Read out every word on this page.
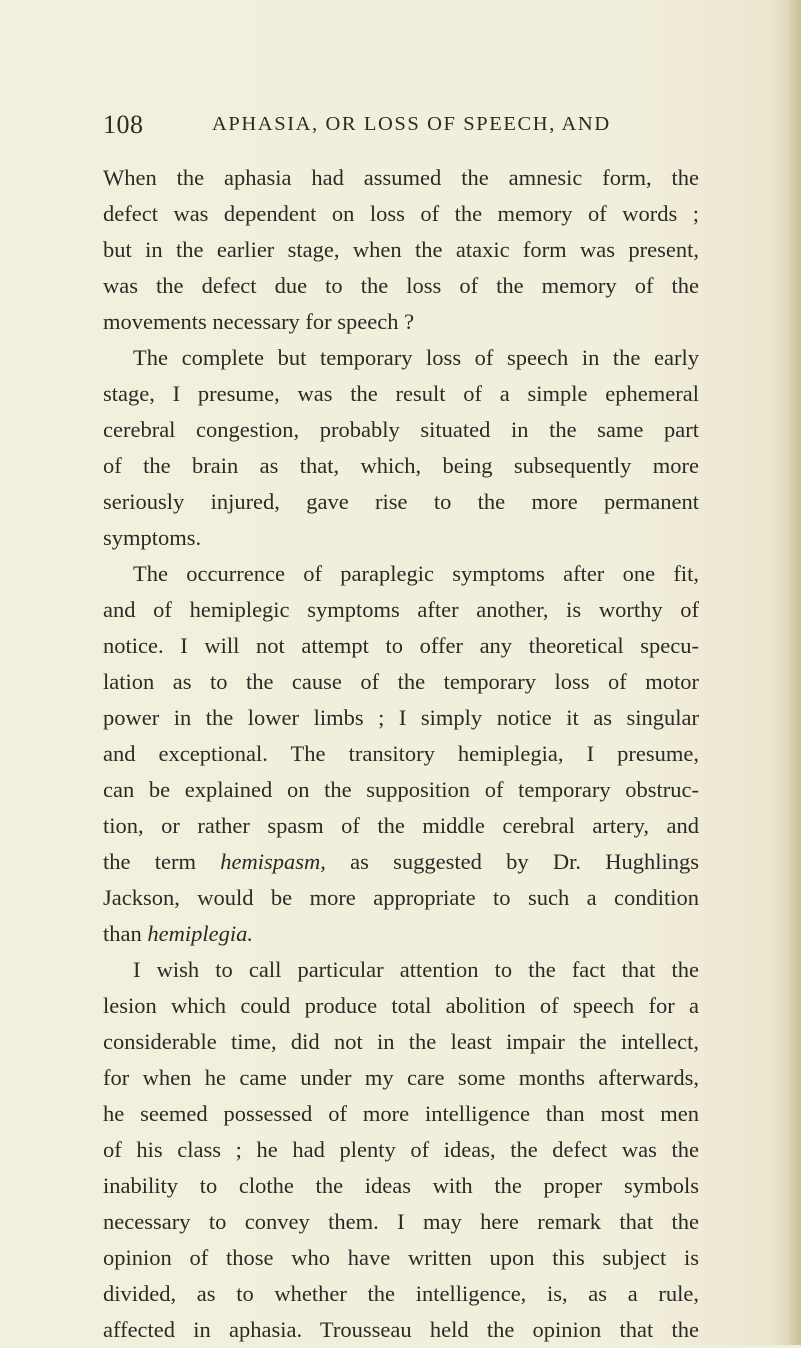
108	APHASIA, OR LOSS OF SPEECH, AND
When the aphasia had assumed the amnesic form, the
defect was dependent on loss of the memory of words ;
but in the earlier stage, when the ataxic form was present,
was the defect due to the loss of the memory of the
movements necessary for speech ?
The complete but temporary loss of speech in the early
stage, I presume, was the result of a simple ephemeral
cerebral congestion, probably situated in the same part
of the brain as that, which, being subsequently more
seriously injured, gave rise to the more permanent
symptoms.
The occurrence of paraplegic symptoms after one fit,
and of hemiplegic symptoms after another, is worthy of
notice. I will not attempt to offer any theoretical specu-
lation as to the cause of the temporary loss of motor
power in the lower limbs ; I simply notice it as singular
and exceptional. The transitory hemiplegia, I presume,
can be explained on the supposition of temporary obstruc-
tion, or rather spasm of the middle cerebral artery, and
the term hemispasm, as suggested by Dr. Hughlings
Jackson, would be more appropriate to such a condition
than hemiplegia.
I wish to call particular attention to the fact that the
lesion which could produce total abolition of speech for a
considerable time, did not in the least impair the intellect,
for when he came under my care some months afterwards,
he seemed possessed of more intelligence than most men
of his class ; he had plenty of ideas, the defect was the
inability to clothe the ideas with the proper symbols
necessary to convey them. I may here remark that the
opinion of those who have written upon this subject is
divided, as to whether the intelligence, is, as a rule,
affected in aphasia. Trousseau held the opinion that the
